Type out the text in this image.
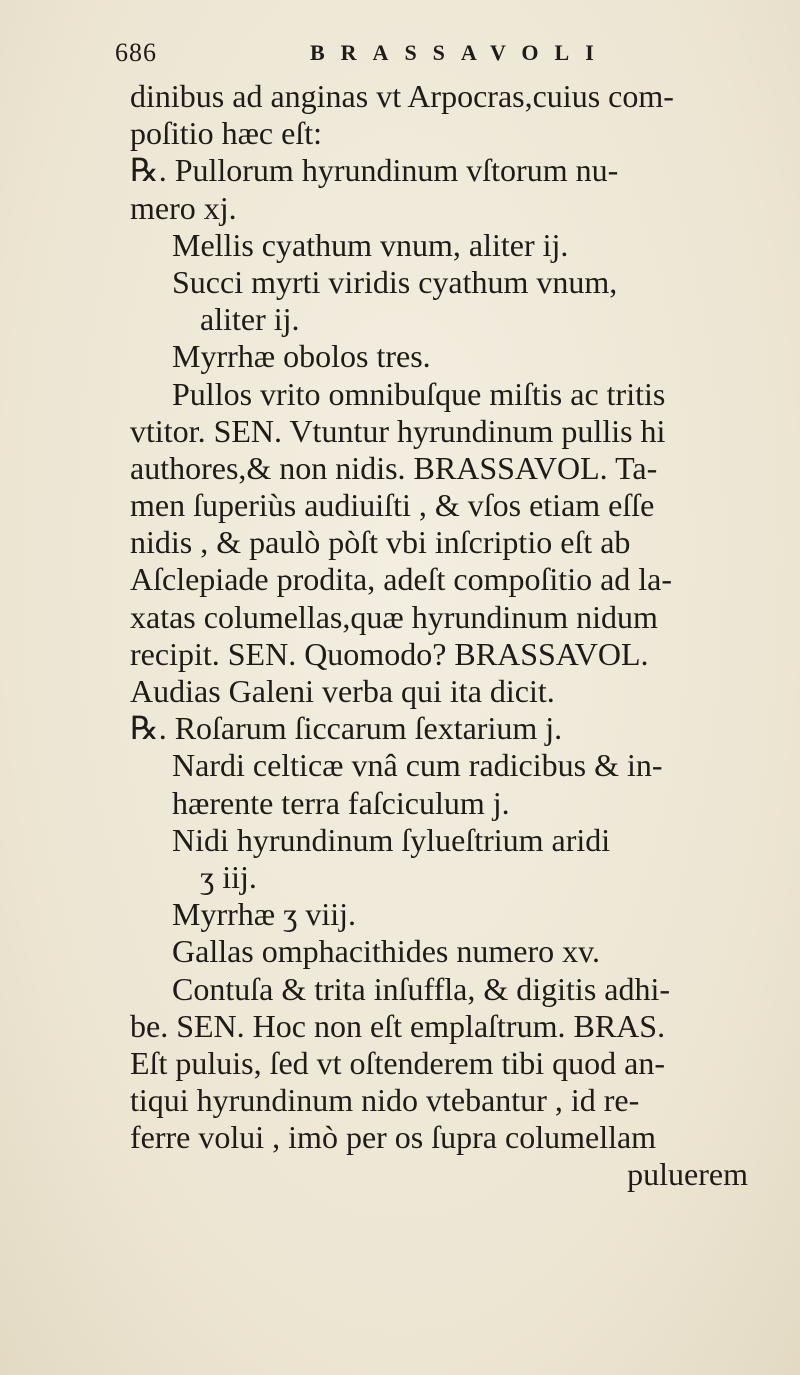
686	BRASSAVOLI
dinibus ad anginas vt Arpocras,cuius com-
poſitio hæc eſt:
℞. Pullorum hyrundinum vſtorum nu-
mero xj.
Mellis cyathum vnum, aliter ij.
Succi myrti viridis cyathum vnum,
aliter ij.
Myrrhæ obolos tres.
Pullos vrito omnibuſque miſtis ac tritis
vtitor. SEN. Vtuntur hyrundinum pullis hi
authores,& non nidis. BRASSAVOL. Ta-
men ſuperiùs audiuiſti , & vſos etiam eſſe
nidis , & paulò pòſt vbi inſcriptio eſt ab
Aſclepiade prodita, adeſt compoſitio ad la-
xatas columellas,quæ hyrundinum nidum
recipit. SEN. Quomodo? BRASSAVOL.
Audias Galeni verba qui ita dicit.
℞. Roſarum ſiccarum ſextarium j.
Nardi celticæ vnâ cum radicibus & in-
hærente terra faſciculum j.
Nidi hyrundinum ſylueſtrium aridi
ʒ iij.
Myrrhæ ʒ viij.
Gallas omphacithides numero xv.
Contuſa & trita inſuffla, & digitis adhi-
be. SEN. Hoc non eſt emplaſtrum. BRAS.
Eſt puluis, ſed vt oſtenderem tibi quod an-
tiqui hyrundinum nido vtebantur , id re-
ferre volui , imò per os ſupra columellam
puluerem
